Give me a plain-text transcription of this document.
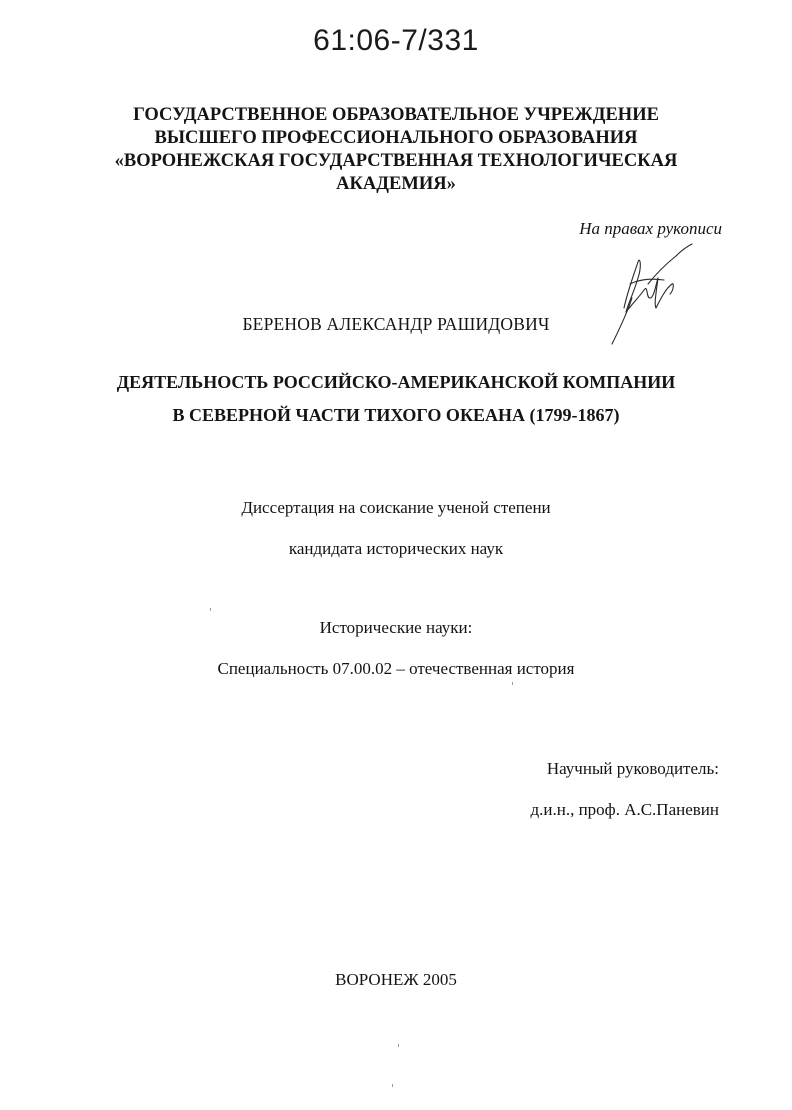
61:06-7/331
ГОСУДАРСТВЕННОЕ ОБРАЗОВАТЕЛЬНОЕ УЧРЕЖДЕНИЕ
ВЫСШЕГО ПРОФЕССИОНАЛЬНОГО ОБРАЗОВАНИЯ
«ВОРОНЕЖСКАЯ ГОСУДАРСТВЕННАЯ ТЕХНОЛОГИЧЕСКАЯ
АКАДЕМИЯ»
На правах рукописи
БЕРЕНОВ АЛЕКСАНДР РАШИДОВИЧ
ДЕЯТЕЛЬНОСТЬ РОССИЙСКО-АМЕРИКАНСКОЙ КОМПАНИИ
В СЕВЕРНОЙ ЧАСТИ ТИХОГО ОКЕАНА (1799-1867)
Диссертация на соискание ученой степени
кандидата исторических наук
Исторические науки:
Специальность 07.00.02 – отечественная история
Научный руководитель:
д.и.н., проф. А.С.Паневин
ВОРОНЕЖ 2005
